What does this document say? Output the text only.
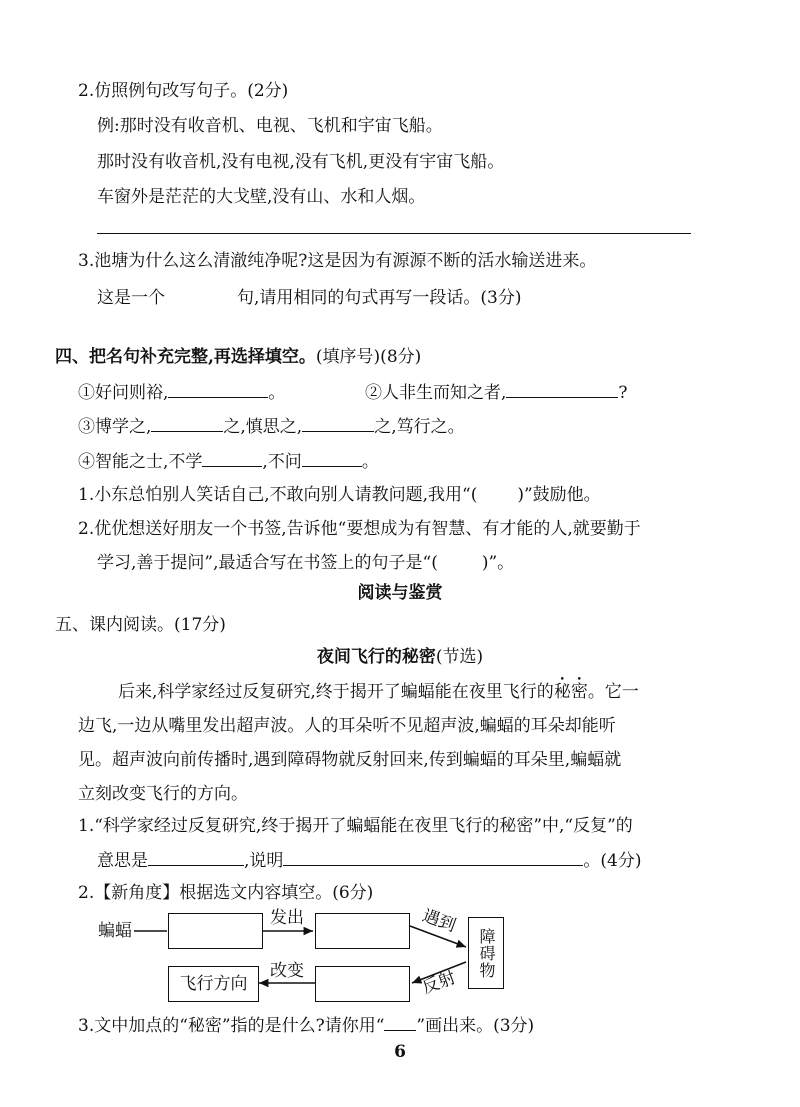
2.仿照例句改写句子。(2分)
例:那时没有收音机、电视、飞机和宇宙飞船。
那时没有收音机,没有电视,没有飞机,更没有宇宙飞船。
车窗外是茫茫的大戈壁,没有山、水和人烟。
3.池塘为什么这么清澈纯净呢?这是因为有源源不断的活水输送进来。
这是一个	句,请用相同的句式再写一段话。(3分)
四、把名句补充完整,再选择填空。(填序号)(8分)
①好问则裕,	。	②人非生而知之者,	?
③博学之,	之,慎思之,	之,笃行之。
④智能之士,不学	,不问	。
1.小东总怕别人笑话自己,不敢向别人请教问题,我用“( )”鼓励他。
2.优优想送好朋友一个书签,告诉他“要想成为有智慧、有才能的人,就要勤于
学习,善于提问”,最适合写在书签上的句子是“(	)”。
阅读与鉴赏
五、课内阅读。(17分)
夜间飞行的秘密(节选)
后来,科学家经过反复研究,终于揭开了蝙蝠能在夜里飞行的秘密。它一
边飞,一边从嘴里发出超声波。人的耳朵听不见超声波,蝙蝠的耳朵却能听
见。超声波向前传播时,遇到障碍物就反射回来,传到蝙蝠的耳朵里,蝙蝠就
立刻改变飞行的方向。
1.“科学家经过反复研究,终于揭开了蝙蝠能在夜里飞行的秘密”中,“反复”的
意思是	,说明	。(4分)
2.【新角度】根据选文内容填空。(6分)
蝙蝠
发出	遇到
障碍物
反射
改变
飞行方向
3.文中加点的“秘密”指的是什么?请你用“ ”画出来。(3分)
6
